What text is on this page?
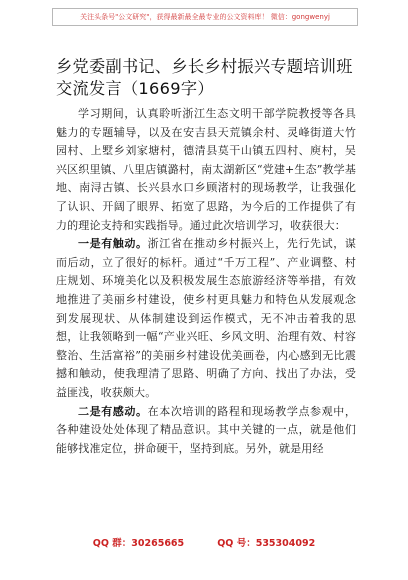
关注头条号"公文研究"，获得最新最全最专业的公文资料库！ 微信：gongwenyj
乡党委副书记、乡长乡村振兴专题培训班交流发言（1669字）

学习期间，认真聆听浙江生态文明干部学院教授等各具魅力的专题辅导，以及在安吉县天荒镇余村、灵峰街道大竹园村、上墅乡刘家塘村，德清县莫干山镇五四村、庾村，吴兴区织里镇、八里店镇潞村，南太湖新区“党建+生态”教学基地、南浔古镇、长兴县水口乡顾渚村的现场教学，让我强化了认识、开阔了眼界、拓宽了思路，为今后的工作提供了有力的理论支持和实践指导。通过此次培训学习，收获很大：

一是有触动。浙江省在推动乡村振兴上，先行先试，谋而后动，立了很好的标杆。通过“千万工程”、产业调整、村庄规划、环境美化以及积极发展生态旅游经济等举措，有效地推进了美丽乡村建设，使乡村更具魅力和特色从发展观念到发展现状、从体制建设到运作模式，无不冲击着我的思想，让我领略到一幅“产业兴旺、乡风文明、治理有效、村容整治、生活富裕”的美丽乡村建设优美画卷，内心感到无比震撼和触动，使我理清了思路、明确了方向、找出了办法，受益匪浅，收获颇大。

二是有感动。在本次培训的路程和现场教学点参观中，各种建设处处体现了精品意识。其中关键的一点，就是他们能够找准定位，拼命硬干，坚持到底。另外，就是用经

QQ 群：30265665	QQ 号：535304092
